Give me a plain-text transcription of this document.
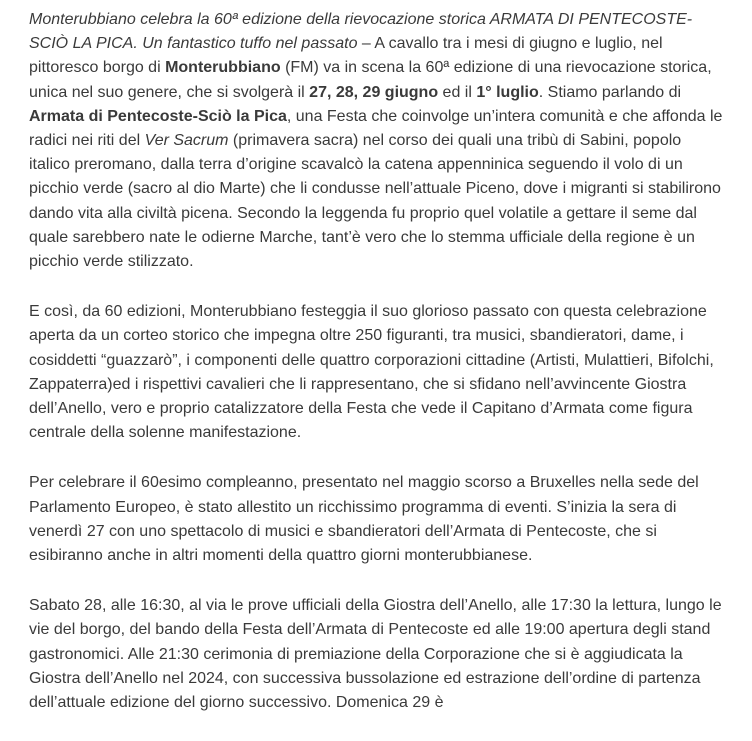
Monterubbiano celebra la 60ª edizione della rievocazione storica ARMATA DI PENTECOSTE-SCIÒ LA PICA. Un fantastico tuffo nel passato – A cavallo tra i mesi di giugno e luglio, nel pittoresco borgo di Monterubbiano (FM) va in scena la 60ª edizione di una rievocazione storica, unica nel suo genere, che si svolgerà il 27, 28, 29 giugno ed il 1° luglio. Stiamo parlando di Armata di Pentecoste-Sciò la Pica, una Festa che coinvolge un’intera comunità e che affonda le radici nei riti del Ver Sacrum (primavera sacra) nel corso dei quali una tribù di Sabini, popolo italico preromano, dalla terra d’origine scavalcò la catena appenninica seguendo il volo di un picchio verde (sacro al dio Marte) che li condusse nell’attuale Piceno, dove i migranti si stabilirono dando vita alla civiltà picena. Secondo la leggenda fu proprio quel volatile a gettare il seme dal quale sarebbero nate le odierne Marche, tant’è vero che lo stemma ufficiale della regione è un picchio verde stilizzato.

E così, da 60 edizioni, Monterubbiano festeggia il suo glorioso passato con questa celebrazione aperta da un corteo storico che impegna oltre 250 figuranti, tra musici, sbandieratori, dame, i cosiddetti “guazzarò”, i componenti delle quattro corporazioni cittadine (Artisti, Mulattieri, Bifolchi, Zappaterra)ed i rispettivi cavalieri che li rappresentano, che si sfidano nell’avvincente Giostra dell’Anello, vero e proprio catalizzatore della Festa che vede il Capitano d’Armata come figura centrale della solenne manifestazione.

Per celebrare il 60esimo compleanno, presentato nel maggio scorso a Bruxelles nella sede del Parlamento Europeo, è stato allestito un ricchissimo programma di eventi. S’inizia la sera di venerdì 27 con uno spettacolo di musici e sbandieratori dell’Armata di Pentecoste, che si esibiranno anche in altri momenti della quattro giorni monterubbianese.

Sabato 28, alle 16:30, al via le prove ufficiali della Giostra dell’Anello, alle 17:30 la lettura, lungo le vie del borgo, del bando della Festa dell’Armata di Pentecoste ed alle 19:00 apertura degli stand gastronomici. Alle 21:30 cerimonia di premiazione della Corporazione che si è aggiudicata la Giostra dell’Anello nel 2024, con successiva bussolazione ed estrazione dell’ordine di partenza dell’attuale edizione del giorno successivo. Domenica 29 è
